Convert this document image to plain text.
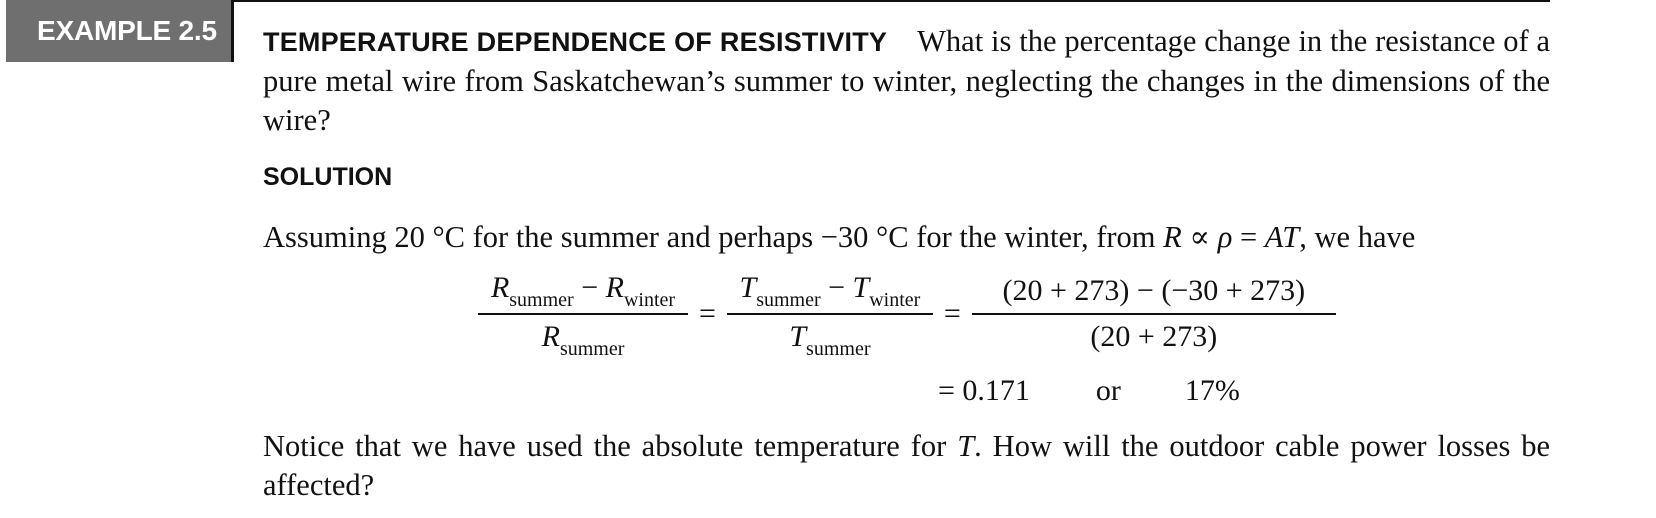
EXAMPLE 2.5	TEMPERATURE DEPENDENCE OF RESISTIVITY What is the percentage change in the resistance of a pure metal wire from Saskatchewan’s summer to winter, neglecting the changes in the dimensions of the wire?
SOLUTION
Assuming 20 °C for the summer and perhaps −30 °C for the winter, from R ∝ ρ = AT, we have
$\frac{R_{summer} - R_{winter}}{R_{summer}} = \frac{T_{summer} - T_{winter}}{T_{summer}} = \frac{(20 + 273) - (-30 + 273)}{(20 + 273)}$
= 0.171 or 17%
Notice that we have used the absolute temperature for T. How will the outdoor cable power losses be affected?
